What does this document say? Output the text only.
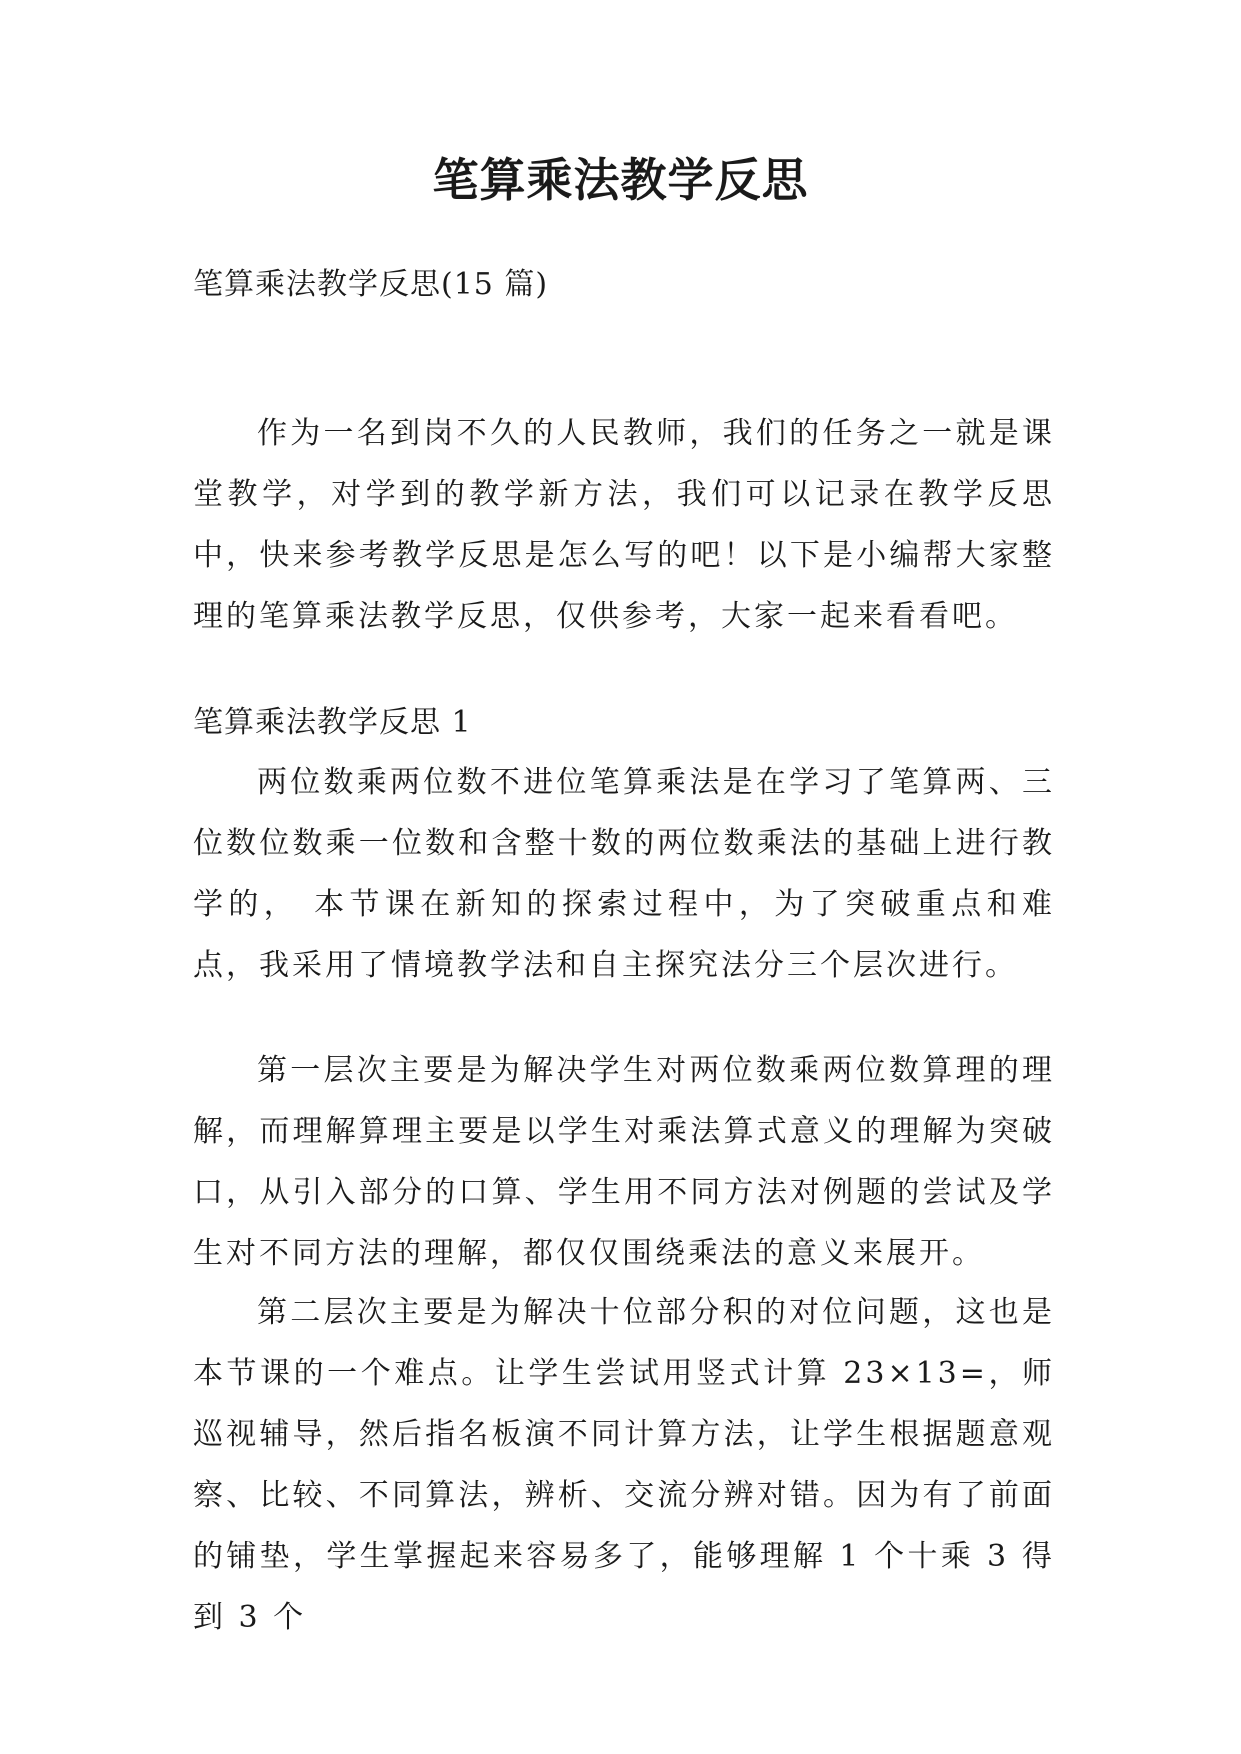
笔算乘法教学反思

笔算乘法教学反思(15 篇)

作为一名到岗不久的人民教师，我们的任务之一就是课堂教学，对学到的教学新方法，我们可以记录在教学反思中，快来参考教学反思是怎么写的吧！以下是小编帮大家整理的笔算乘法教学反思，仅供参考，大家一起来看看吧。

笔算乘法教学反思 1

两位数乘两位数不进位笔算乘法是在学习了笔算两、三位数位数乘一位数和含整十数的两位数乘法的基础上进行教学的， 本节课在新知的探索过程中，为了突破重点和难点，我采用了情境教学法和自主探究法分三个层次进行。

第一层次主要是为解决学生对两位数乘两位数算理的理解，而理解算理主要是以学生对乘法算式意义的理解为突破口，从引入部分的口算、学生用不同方法对例题的尝试及学生对不同方法的理解，都仅仅围绕乘法的意义来展开。

第二层次主要是为解决十位部分积的对位问题，这也是本节课的一个难点。让学生尝试用竖式计算 23×13=，师巡视辅导，然后指名板演不同计算方法，让学生根据题意观察、比较、不同算法，辨析、交流分辨对错。因为有了前面的铺垫，学生掌握起来容易多了，能够理解 1 个十乘 3 得到 3 个
